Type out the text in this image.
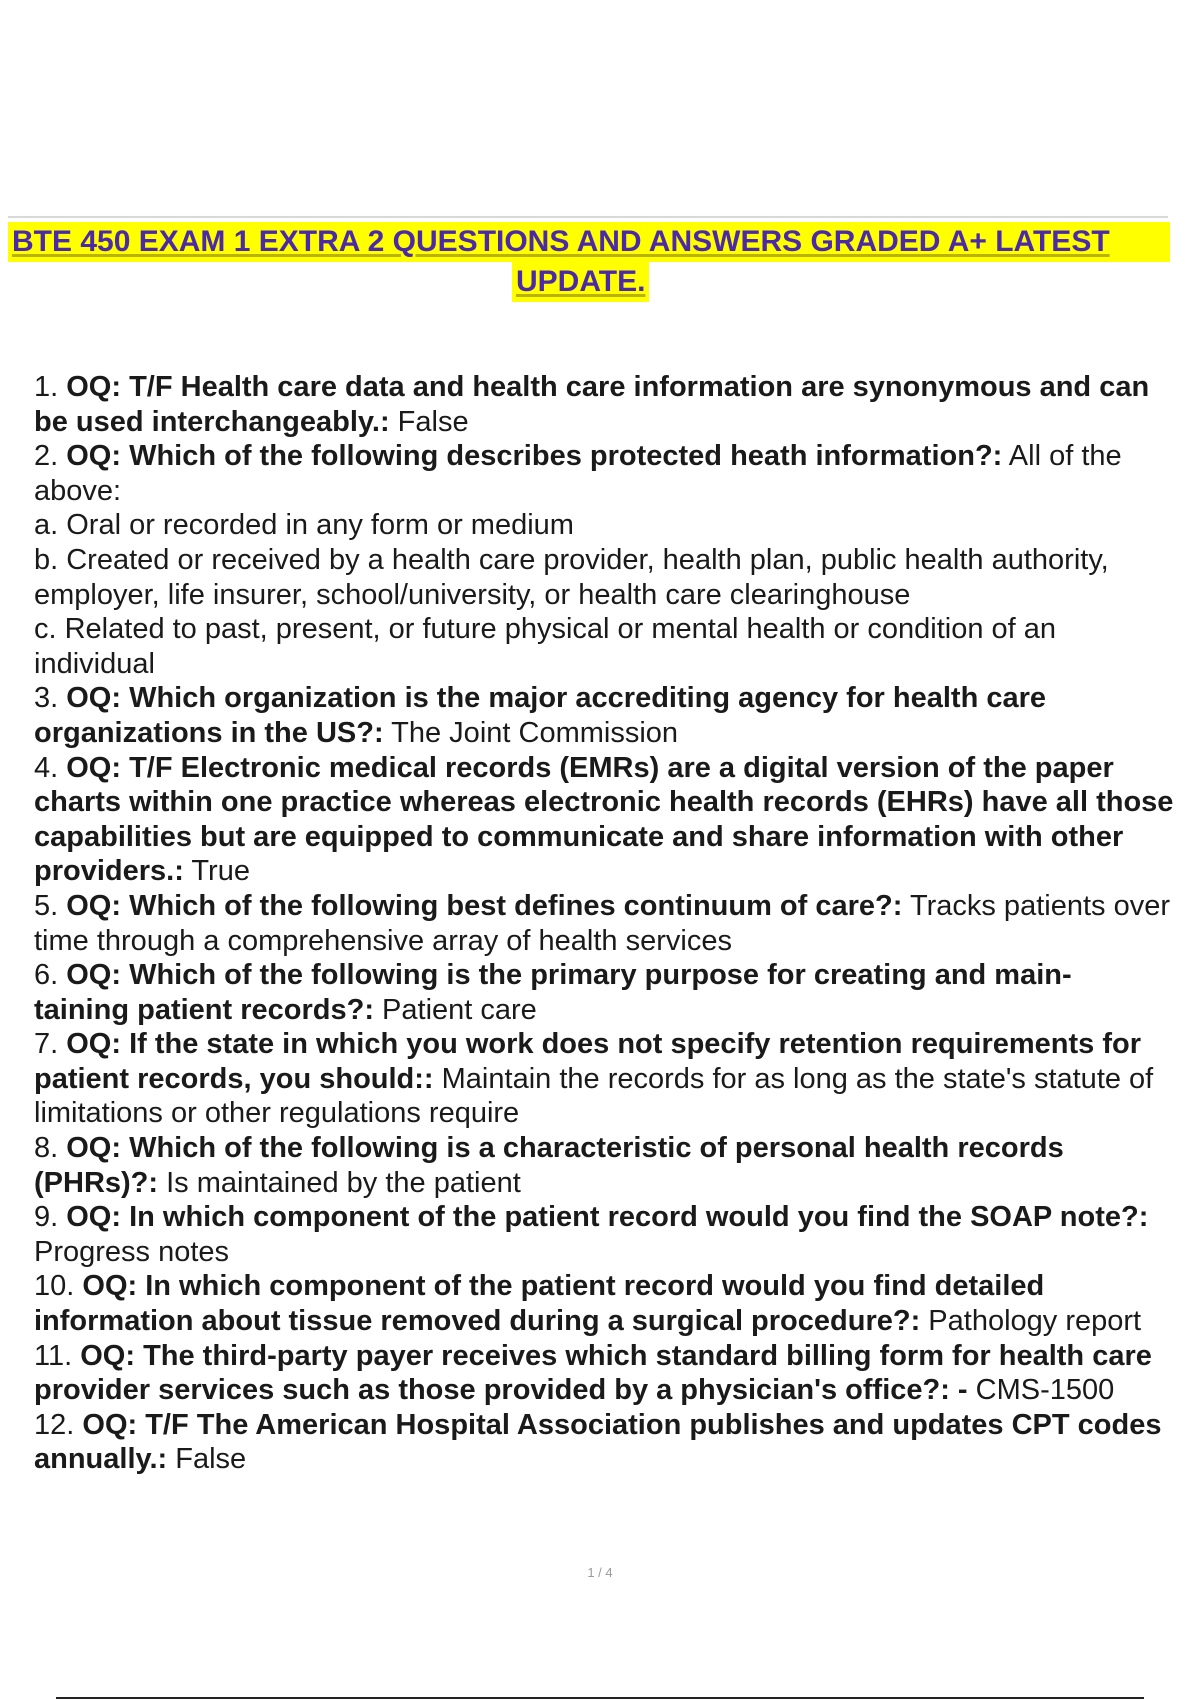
BTE 450 EXAM 1 EXTRA 2 QUESTIONS AND ANSWERS GRADED A+ LATEST
UPDATE.
1. OQ: T/F Health care data and health care information are synonymous and can be used interchangeably.: False
2. OQ: Which of the following describes protected heath information?: All of the above:
a. Oral or recorded in any form or medium
b. Created or received by a health care provider, health plan, public health authority, employer, life insurer, school/university, or health care clearinghouse
c. Related to past, present, or future physical or mental health or condition of an individual
3. OQ: Which organization is the major accrediting agency for health care organizations in the US?: The Joint Commission
4. OQ: T/F Electronic medical records (EMRs) are a digital version of the paper charts within one practice whereas electronic health records (EHRs) have all those capabilities but are equipped to communicate and share information with other providers.: True
5. OQ: Which of the following best defines continuum of care?: Tracks patients over time through a comprehensive array of health services
6. OQ: Which of the following is the primary purpose for creating and main- taining patient records?: Patient care
7. OQ: If the state in which you work does not specify retention requirements for patient records, you should:: Maintain the records for as long as the state's statute of limitations or other regulations require
8. OQ: Which of the following is a characteristic of personal health records (PHRs)?: Is maintained by the patient
9. OQ: In which component of the patient record would you find the SOAP note?: Progress notes
10. OQ: In which component of the patient record would you find detailed information about tissue removed during a surgical procedure?: Pathology report
11. OQ: The third-party payer receives which standard billing form for health care provider services such as those provided by a physician's office?: - CMS-1500
12. OQ: T/F The American Hospital Association publishes and updates CPT codes annually.: False
1 / 4
